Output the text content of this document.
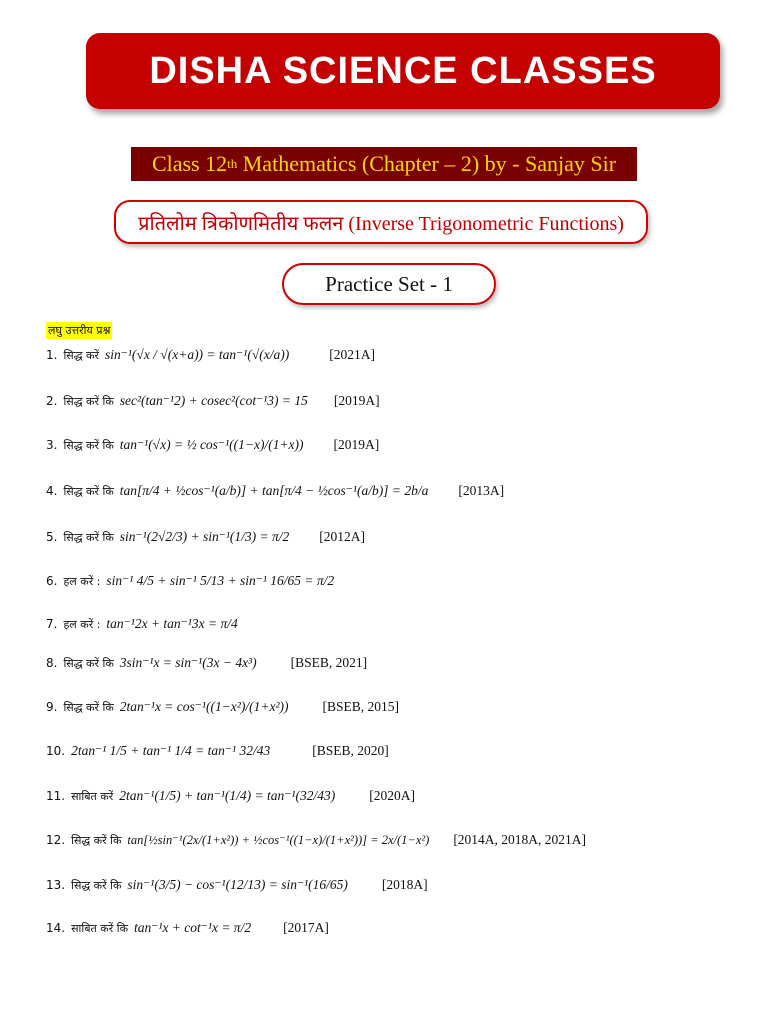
DISHA SCIENCE CLASSES
Class 12 th Mathematics (Chapter – 2) by - Sanjay Sir
प्रतिलोम त्रिकोणमितीय फलन (Inverse Trigonometric Functions)
Practice Set - 1
लघु उत्तरीय प्रश्न
1. सिद्ध करें sin⁻¹(√x / √(x+a)) = tan⁻¹(√(x/a))	[2021A]
2. सिद्ध करें कि sec²(tan⁻¹2) + cosec²(cot⁻¹3) = 15 [2019A]
3. सिद्ध करें कि tan⁻¹(√x) = ½ cos⁻¹((1−x)/(1+x)) [2019A]
4. सिद्ध करें कि tan[π/4 + ½cos⁻¹(a/b)] + tan[π/4 − ½cos⁻¹(a/b)] = 2b/a [2013A]
5. सिद्ध करें कि sin⁻¹(2√2/3) + sin⁻¹(1/3) = π/2 [2012A]
6. हल करें : sin⁻¹ 4/5 + sin⁻¹ 5/13 + sin⁻¹ 16/65 = π/2
7. हल करें : tan⁻¹2x + tan⁻¹3x = π/4
8. सिद्ध करें कि 3sin⁻¹x = sin⁻¹(3x − 4x³)	[BSEB, 2021]
9. सिद्ध करें कि 2tan⁻¹x = cos⁻¹((1−x²)/(1+x²))	[BSEB, 2015]
10. 2tan⁻¹ 1/5 + tan⁻¹ 1/4 = tan⁻¹ 32/43	[BSEB, 2020]
11. साबित करें 2tan⁻¹(1/5) + tan⁻¹(1/4) = tan⁻¹(32/43)	[2020A]
12. सिद्ध करें कि tan[½sin⁻¹(2x/(1+x²)) + ½cos⁻¹((1−x)/(1+x²))] = 2x/(1−x²) [2014A, 2018A, 2021A]
13. सिद्ध करें कि sin⁻¹(3/5) − cos⁻¹(12/13) = sin⁻¹(16/65)	[2018A]
14. साबित करें कि tan⁻¹x + cot⁻¹x = π/2 [2017A]
